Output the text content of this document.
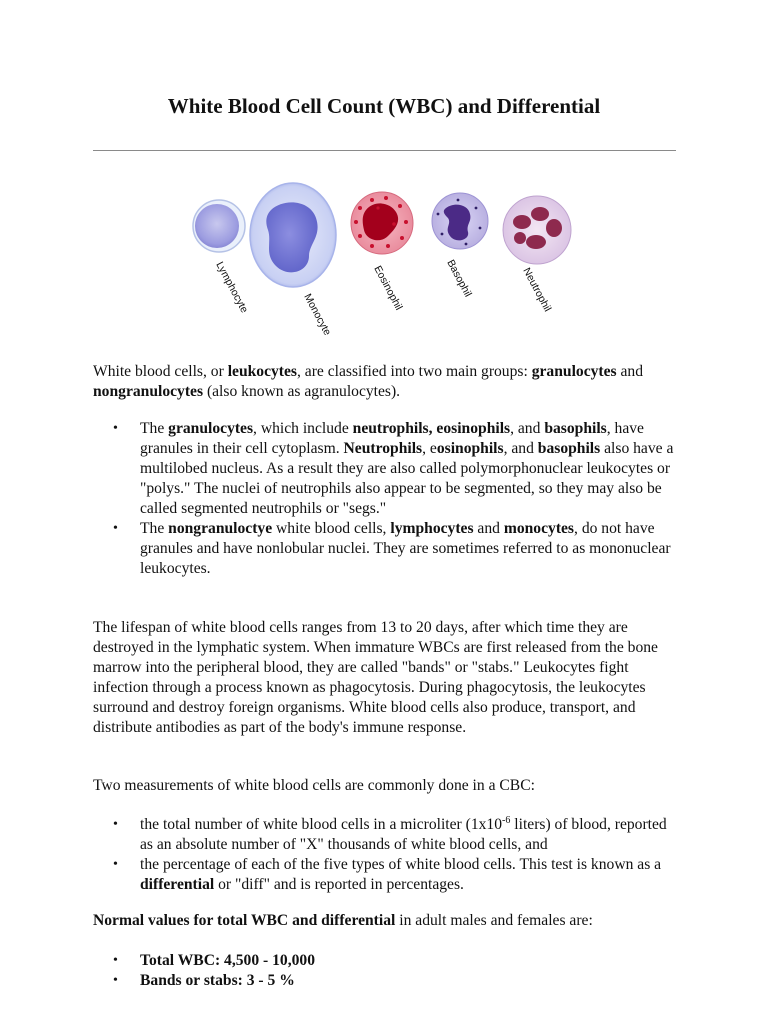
White Blood Cell Count (WBC) and Differential
Lymphocyte	Monocyte
Eosinophil	Basophil	Neutrophil

White blood cells, or leukocytes, are classified into two main groups: granulocytes and nongranulocytes (also known as agranulocytes).

• The granulocytes, which include neutrophils, eosinophils, and basophils, have granules in their cell cytoplasm. Neutrophils, eosinophils, and basophils also have a multilobed nucleus. As a result they are also called polymorphonuclear leukocytes or "polys." The nuclei of neutrophils also appear to be segmented, so they may also be called segmented neutrophils or "segs."
• The nongranuloctye white blood cells, lymphocytes and monocytes, do not have granules and have nonlobular nuclei. They are sometimes referred to as mononuclear leukocytes.

The lifespan of white blood cells ranges from 13 to 20 days, after which time they are destroyed in the lymphatic system. When immature WBCs are first released from the bone marrow into the peripheral blood, they are called "bands" or "stabs." Leukocytes fight infection through a process known as phagocytosis. During phagocytosis, the leukocytes surround and destroy foreign organisms. White blood cells also produce, transport, and distribute antibodies as part of the body's immune response.

Two measurements of white blood cells are commonly done in a CBC:

• the total number of white blood cells in a microliter ($1x10^{-6}$ liters) of blood, reported as an absolute number of "X" thousands of white blood cells, and
• the percentage of each of the five types of white blood cells. This test is known as a differential or "diff" and is reported in percentages.

Normal values for total WBC and differential in adult males and females are:

• Total WBC: 4,500 - 10,000
• Bands or stabs: 3 - 5 %
